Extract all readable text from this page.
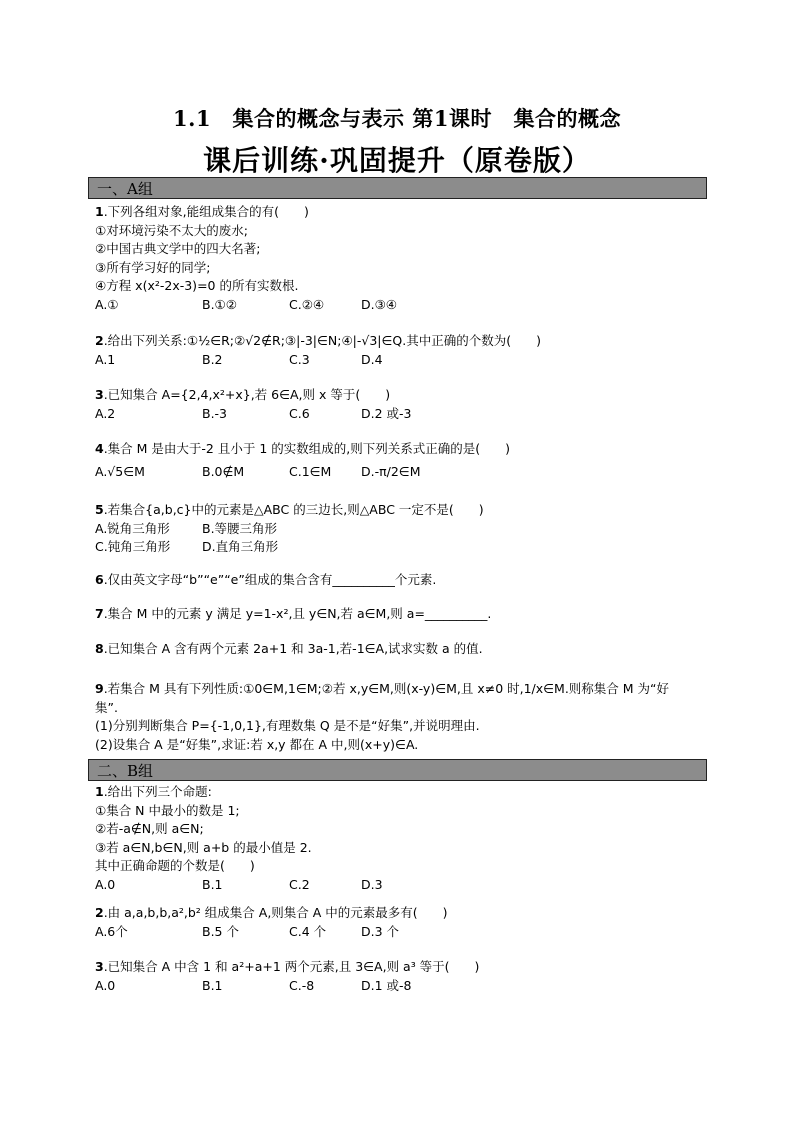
1.1　集合的概念与表示 第1课时　集合的概念
课后训练·巩固提升（原卷版）
一、A组
1.下列各组对象,能组成集合的有(　　)
①对环境污染不太大的废水;
②中国古典文学中的四大名著;
③所有学习好的同学;
④方程 x(x²-2x-3)=0 的所有实数根.
A.①	B.①②	C.②④	D.③④
2.给出下列关系:①½∈R;②√2∉R;③|-3|∈N;④|-√3|∈Q.其中正确的个数为(　　)
A.1	B.2	C.3	D.4
3.已知集合 A={2,4,x²+x},若 6∈A,则 x 等于(　　)
A.2	B.-3	C.6	D.2 或-3
4.集合 M 是由大于-2 且小于 1 的实数组成的,则下列关系式正确的是(　　)
A.√5∈M	B.0∉M	C.1∈M D.-π/2∈M
5.若集合{a,b,c}中的元素是△ABC 的三边长,则△ABC 一定不是(　　)
A.锐角三角形	B.等腰三角形
C.钝角三角形	D.直角三角形
6.仅由英文字母“b”“e”“e”组成的集合含有__________个元素.
7.集合 M 中的元素 y 满足 y=1-x²,且 y∈N,若 a∈M,则 a=__________.
8.已知集合 A 含有两个元素 2a+1 和 3a-1,若-1∈A,试求实数 a 的值.
9.若集合 M 具有下列性质:①0∈M,1∈M;②若 x,y∈M,则(x-y)∈M,且 x≠0 时,1/x∈M.则称集合 M 为“好
集”.
(1)分别判断集合 P={-1,0,1},有理数集 Q 是不是“好集”,并说明理由.
(2)设集合 A 是“好集”,求证:若 x,y 都在 A 中,则(x+y)∈A.
二、B组
1.给出下列三个命题:
①集合 N 中最小的数是 1;
②若-a∉N,则 a∈N;
③若 a∈N,b∈N,则 a+b 的最小值是 2.
其中正确命题的个数是(　　)
A.0	B.1	C.2	D.3
2.由 a,a,b,b,a²,b² 组成集合 A,则集合 A 中的元素最多有(　　)
A.6个	B.5 个	C.4 个	D.3 个
3.已知集合 A 中含 1 和 a²+a+1 两个元素,且 3∈A,则 a³ 等于(　　)
A.0	B.1	C.-8	D.1 或-8
